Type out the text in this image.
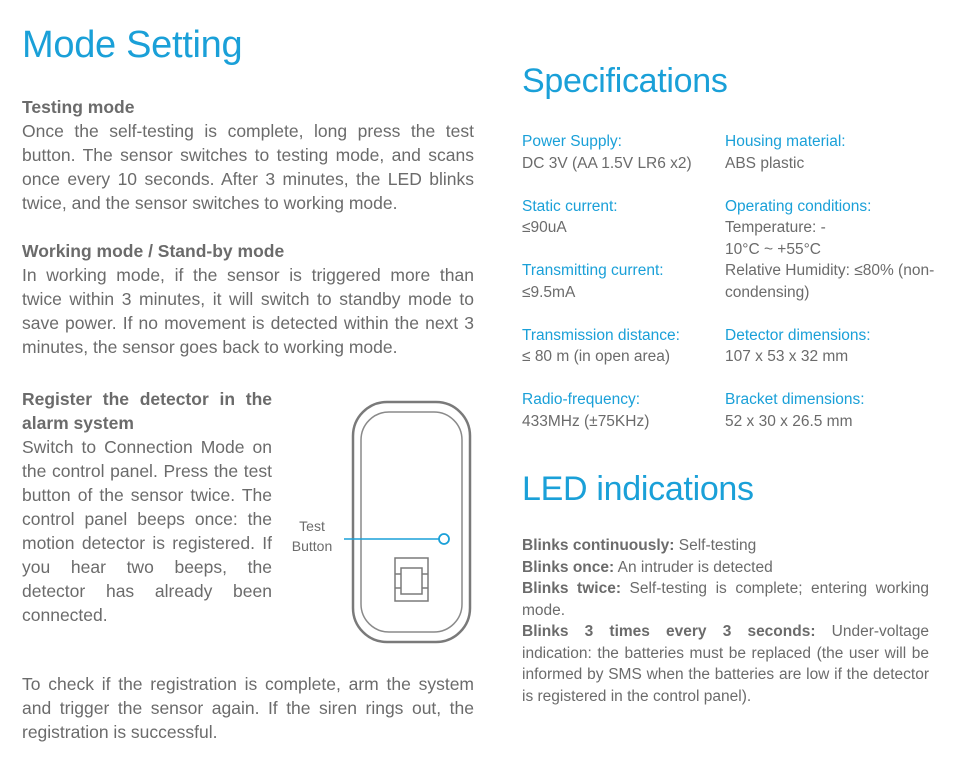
Mode Setting
Testing mode
Once the self-testing is complete, long press the test button. The sensor switches to testing mode, and scans once every 10 seconds. After 3 minutes, the LED blinks twice, and the sensor switches to working mode.
Working mode / Stand-by mode
In working mode, if the sensor is triggered more than twice within 3 minutes, it will switch to standby mode to save power. If no movement is detected within the next 3 minutes, the sensor goes back to working mode.
Register the detector in the alarm system
Switch to Connection Mode on the control panel. Press the test button of the sensor twice. The control panel beeps once: the motion detector is registered. If you hear two beeps, the detector has already been connected.
To check if the registration is complete, arm the system and trigger the sensor again. If the siren rings out, the registration is successful.
Test
Button
Specifications
Power Supply:
DC 3V (AA 1.5V LR6 x2)
Housing material:
ABS plastic
Static current:
≤90uA
Operating conditions:
Temperature: -
10°C ~ +55°C
Transmitting current:
≤9.5mA
Relative Humidity: ≤80% (non-condensing)
Transmission distance:
≤ 80 m (in open area)
Detector dimensions:
107 x 53 x 32 mm
Radio-frequency:
433MHz (±75KHz)
Bracket dimensions:
52 x 30 x 26.5 mm
LED indications
Blinks continuously: Self-testing
Blinks once: An intruder is detected
Blinks twice: Self-testing is complete; entering working mode.
Blinks 3 times every 3 seconds: Under-voltage indication: the batteries must be replaced (the user will be informed by SMS when the batteries are low if the detector is registered in the control panel).
